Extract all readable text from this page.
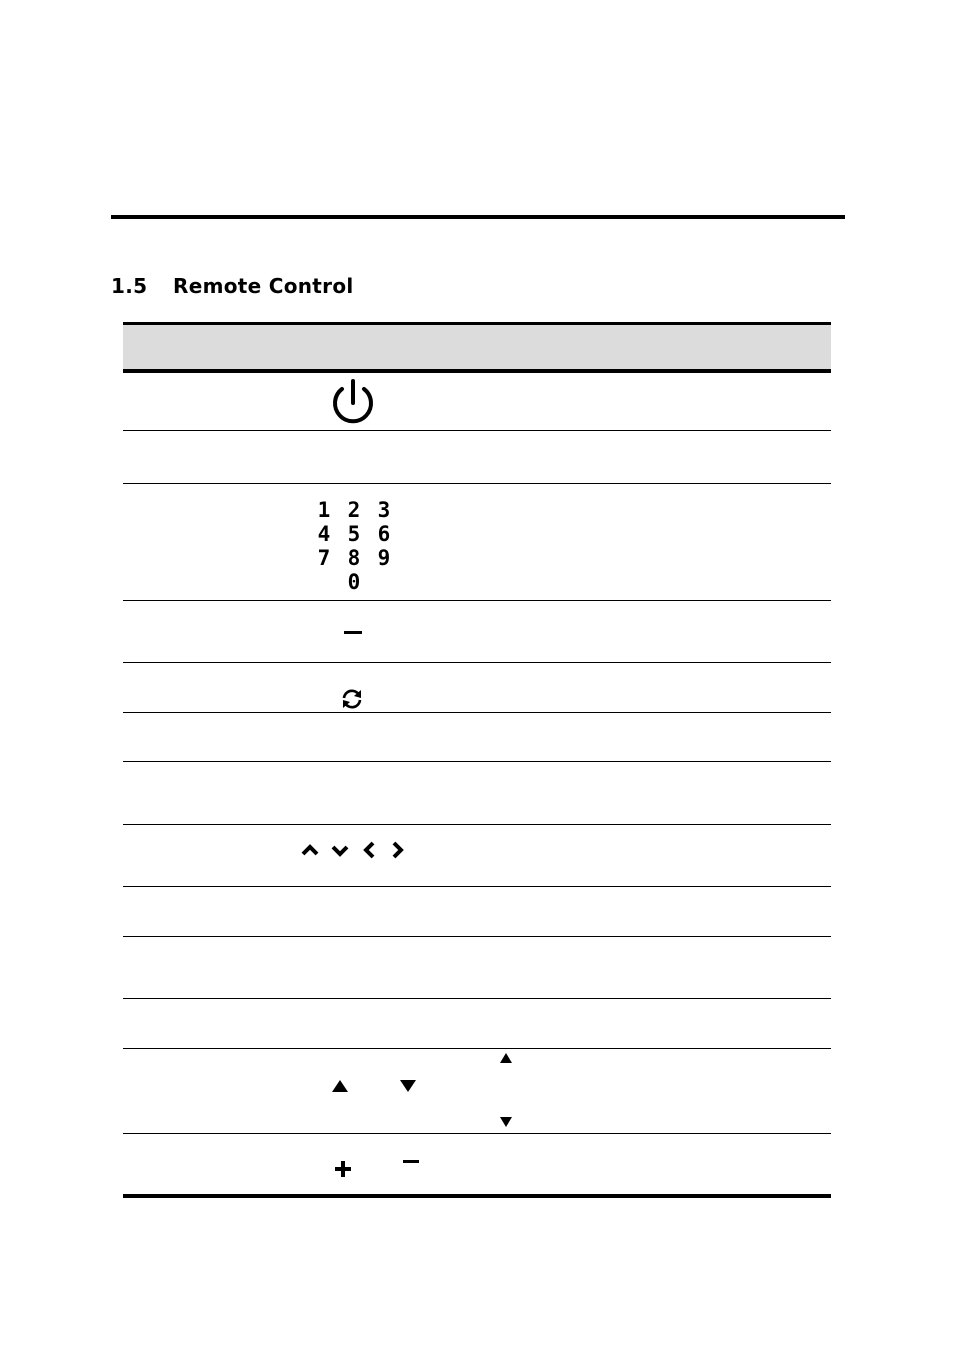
1.5 Remote Control
1 2 3
4 5 6
7 8 9
0
